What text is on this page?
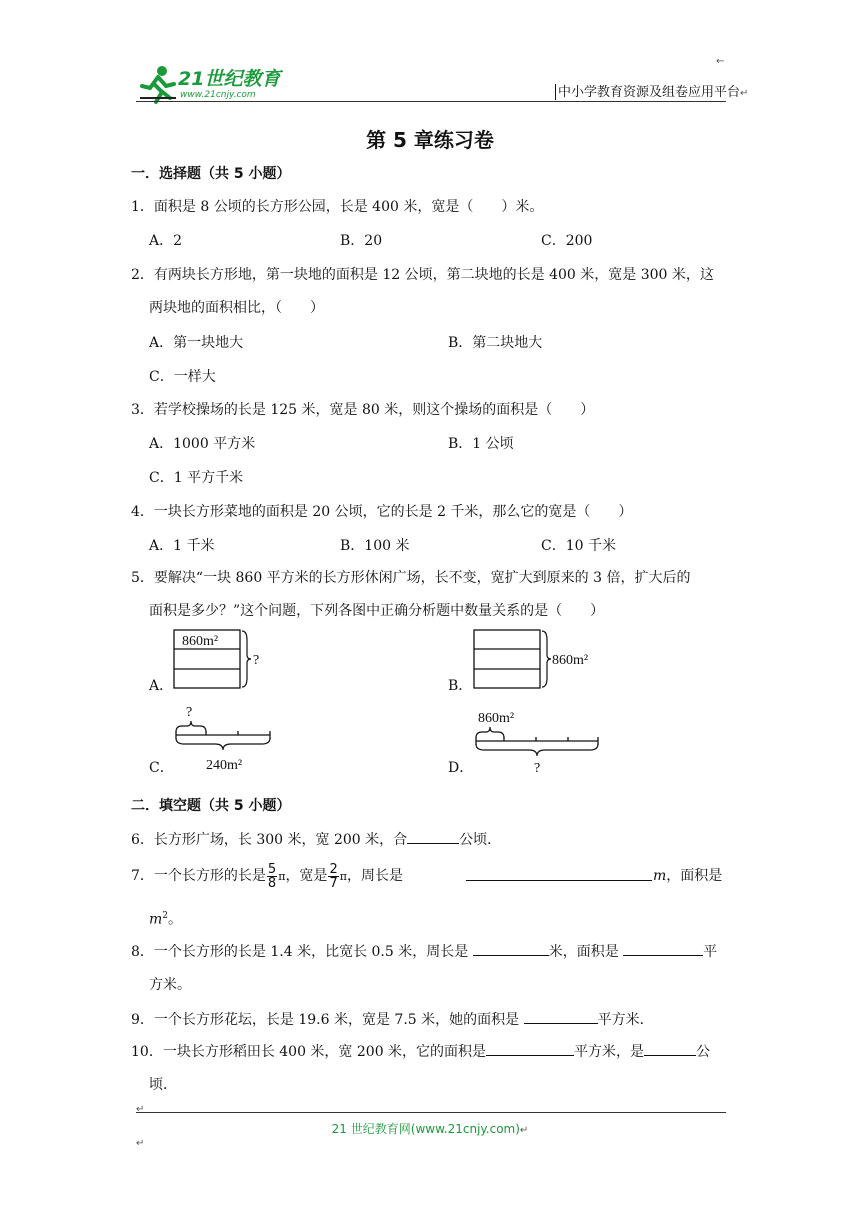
←
21世纪教育
www.21cnjy.com	中小学教育资源及组卷应用平台↵
第 5 章练习卷
一．选择题（共 5 小题）
1．面积是 8 公顷的长方形公园，长是 400 米，宽是（　　）米。
A．2	B．20	C．200
2．有两块长方形地，第一块地的面积是 12 公顷，第二块地的长是 400 米，宽是 300 米，这
两块地的面积相比，（　　）
A．第一块地大	B．第二块地大
C．一样大
3．若学校操场的长是 125 米，宽是 80 米，则这个操场的面积是（　　）
A．1000 平方米	B．1 公顷
C．1 平方千米
4．一块长方形菜地的面积是 20 公顷，它的长是 2 千米，那么它的宽是（　　）
A．1 千米	B．100 米	C．10 千米
5．要解决“一块 860 平方米的长方形休闲广场，长不变，宽扩大到原来的 3 倍，扩大后的
面积是多少？”这个问题，下列各图中正确分析题中数量关系的是（　　）
A．
860m²
?
B．
860m²
C．
?
240m²	D．
860m²
?
二．填空题（共 5 小题）
6．长方形广场，长 300 米，宽 200 米，合	公顷．
7．一个长方形的长是 $\frac{5}{8}$ π，宽是 $\frac{2}{7}$ π，周长是	m，面积是
$m^2$。
8．一个长方形的长是 1.4 米，比宽长 0.5 米，周长是	米，面积是	平
方米。
9．一个长方形花坛，长是 19.6 米，宽是 7.5 米，她的面积是	平方米．
10．一块长方形稻田长 400 米，宽 200 米，它的面积是	平方米，是	公
顷．
↵
21 世纪教育网(www.21cnjy.com)↵
↵
